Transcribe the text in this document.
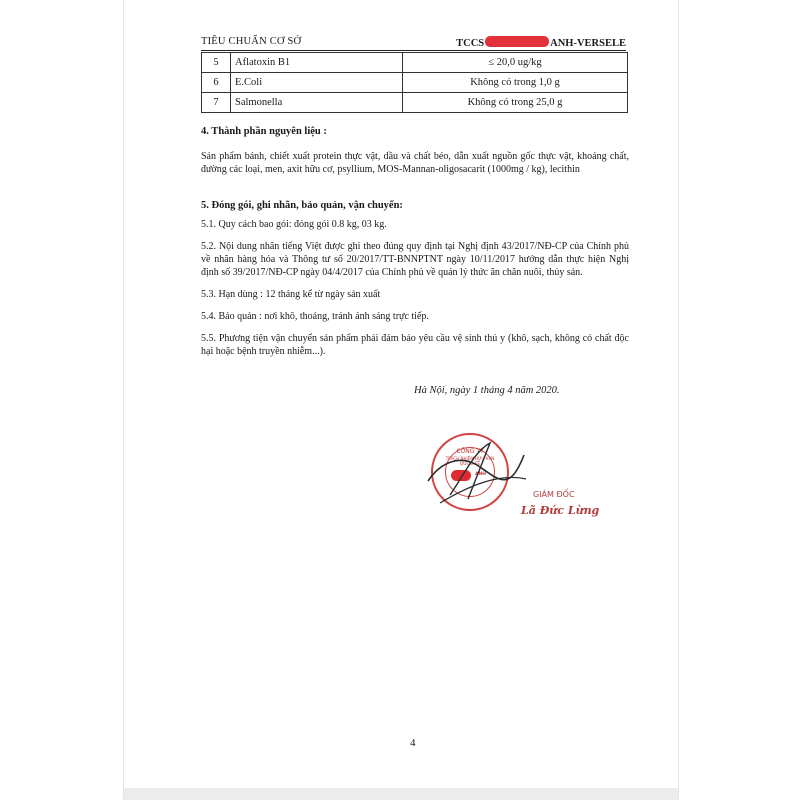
TIÊU CHUẨN CƠ SỞ	TCCS	ANH-VERSELE
5	Aflatoxin B1	≤ 20,0 ug/kg
6	E.Coli	Không có trong 1,0 g
7	Salmonella	Không có trong 25,0 g
4. Thành phần nguyên liệu :
Sản phẩm bánh, chiết xuất protein thực vật, dầu và chất béo, dẫn xuất nguồn gốc thực vật, khoáng chất, đường các loại, men, axit hữu cơ, psyllium, MOS-Mannan-oligosacarit (1000mg / kg), lecithin
5. Đóng gói, ghi nhãn, bảo quản, vận chuyển:
5.1. Quy cách bao gói: đóng gói 0.8 kg, 03 kg.
5.2. Nội dung nhãn tiếng Việt được ghi theo đúng quy định tại Nghị định 43/2017/NĐ-CP của Chính phủ về nhãn hàng hóa và Thông tư số 20/2017/TT-BNNPTNT ngày 10/11/2017 hướng dẫn thực hiện Nghị định số 39/2017/NĐ-CP ngày 04/4/2017 của Chính phủ về quản lý thức ăn chăn nuôi, thủy sản.
5.3. Hạn dùng : 12 tháng kể từ ngày sản xuất
5.4. Bảo quản : nơi khô, thoáng, tránh ánh sáng trực tiếp.
5.5. Phương tiện vận chuyển sản phẩm phải đảm bảo yêu cầu vệ sinh thú y (khô, sạch, không có chất độc hại hoặc bệnh truyền nhiễm...).
Hà Nội, ngày 1 tháng 4 năm 2020.
CÔNG TY
TRÁCH NHIỆM HỮU HẠN
QUỐC TẾ
ANH
GIÁM ĐỐC
Lã Đức Lừng
4
